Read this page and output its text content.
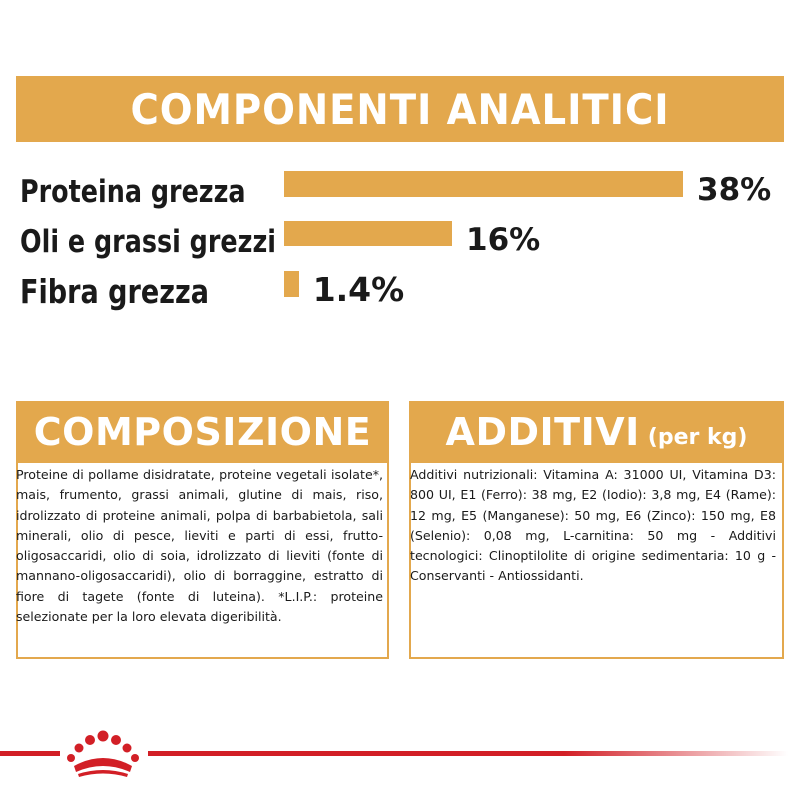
COMPONENTI ANALITICI
Proteina grezza	38%
Oli e grassi grezzi	16%
Fibra grezza	1.4%
COMPOSIZIONE
Proteine di pollame disidratate, proteine vegetali isolate*, mais, frumento, grassi animali, glutine di mais, riso, idrolizzato di proteine animali, polpa di barbabietola, sali minerali, olio di pesce, lieviti e parti di essi, frutto-oligosaccaridi, olio di soia, idrolizzato di lieviti (fonte di mannano-oligosaccaridi), olio di borraggine, estratto di fiore di tagete (fonte di luteina). *L.I.P.: proteine selezionate per la loro elevata digeribilità.
ADDITIVI (per kg)
Additivi nutrizionali: Vitamina A: 31000 UI, Vitamina D3: 800 UI, E1 (Ferro): 38 mg, E2 (Iodio): 3,8 mg, E4 (Rame): 12 mg, E5 (Manganese): 50 mg, E6 (Zinco): 150 mg, E8 (Selenio): 0,08 mg, L-carnitina: 50 mg - Additivi tecnologici: Clinoptilolite di origine sedimentaria: 10 g - Conservanti - Antiossidanti.
